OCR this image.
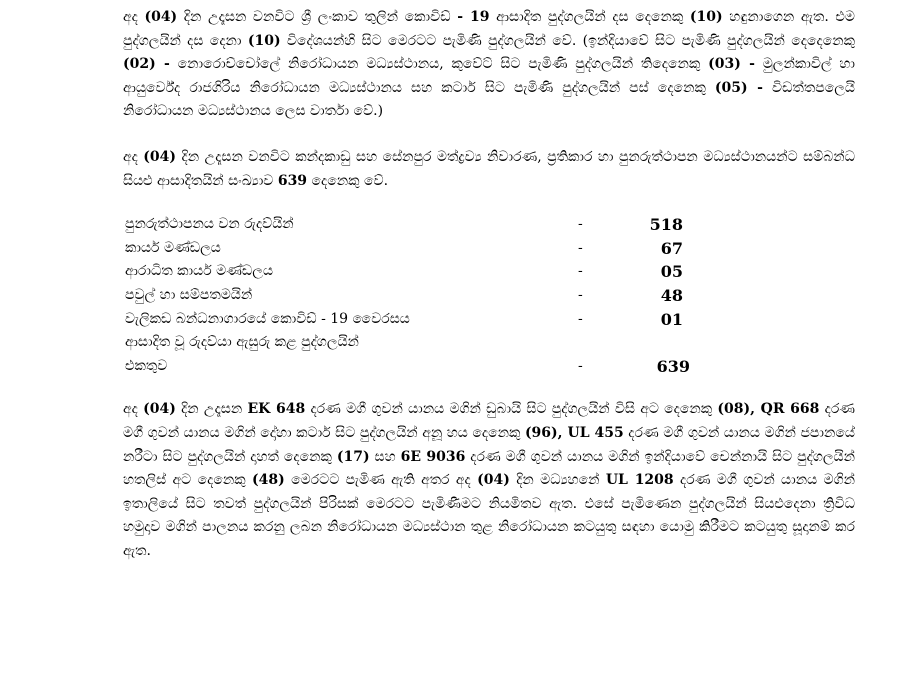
අද (04) දින උදෑසන වනවිට ශ්‍රී ලංකාව තුලින් කොවිඩ් - 19 ආසාදිත පුද්ගලයින් දස දෙනෙකු (10) හඳුනාගෙන ඇත. එම පුද්ගලයින් දස දෙනා (10) විදේශයන්හි සිට මෙරටට පැමිණි පුද්ගලයින් වේ. (ඉන්දියාවේ සිට පැමිණි පුද්ගලයින් දෙදෙනෙකු (02) - නොරොච්චෝලේ නිරෝධායන මධ්‍යස්ථානය, කුවේට් සිට පැමිණි පුද්ගලයින් තිදෙනෙකු (03) - මුලන්කාවිල් හා ආයුර්වේද රාජගිරිය නිරෝධායන මධ්‍යස්ථානය සහ කටාර් සිට පැමිණි පුද්ගලයින් පස් දෙනෙකු (05) - විඩත්තපලෙයි නිරෝධායන මධ්‍යස්ථානය ලෙස වාර්තා වේ.)

අද (04) දින උදෑසන වනවිට කන්දකාඩු සහ සේනපුර මත්ද්‍රව්‍ය නිවාරණ, ප්‍රතිකාර හා පුනරුත්ථාපන මධ්‍යස්ථානයන්ට සම්බන්ධ සියළු ආසාදිතයින් සංඛ්‍යාව 639 දෙනෙකු වේ.

පුනරුත්ථාපනය වන රුදව්යින්	-	518
කාර්ය මණ්ඩලය	-	67
ආරාධිත කාර්ය මණ්ඩලය	-	05
පවුල් හා සම්පතමයින්	-	48
වැලිකඩ බන්ධනාගාරයේ කොවිඩ් - 19 වෛරසය	-	01
ආසාදිත වූ රුදව්යා ඇසුරු කළ පුද්ගලයින්
එකතුව	-	639

අද (04) දින උදෑසන EK 648 දරණ මගී ගුවන් යානය මගින් ඩුබායි සිට පුද්ගලයින් විසි අට දෙනෙකු (08), QR 668 දරණ මගී ගුවන් යානය මගින් දෝහා කටාර් සිට පුද්ගලයින් අනූ හය දෙනෙකු (96), UL 455 දරණ මගී ගුවන් යානය මගින් ජපානයේ නරීටා සිට පුද්ගලයින් දාහත් දෙනෙකු (17) සහ 6E 9036 දරණ මගී ගුවන් යානය මගින් ඉන්දියාවේ චෙන්නායි සිට පුද්ගලයින් හතලිස් අට දෙනෙකු (48) මෙරටට පැමිණ ඇති අතර අද (04) දින මධ්‍යහනේ UL 1208 දරණ මගී ගුවන් යානය මගින් ඉතාලියේ සිට තවත් පුද්ගලයින් පිරිසක් මෙරටට පැමිණීමට නියමිතව ඇත. එසේ පැමිණෙන පුද්ගලයින් සියළුදෙනා ත්‍රිවිධ හමුදාව මගින් පාලනය කරනු ලබන නිරෝධායන මධ්‍යස්ථාන තුළ නිරෝධායන කටයුතු සඳහා යොමු කිරීමට කටයුතු සූදානම් කර ඇත.
